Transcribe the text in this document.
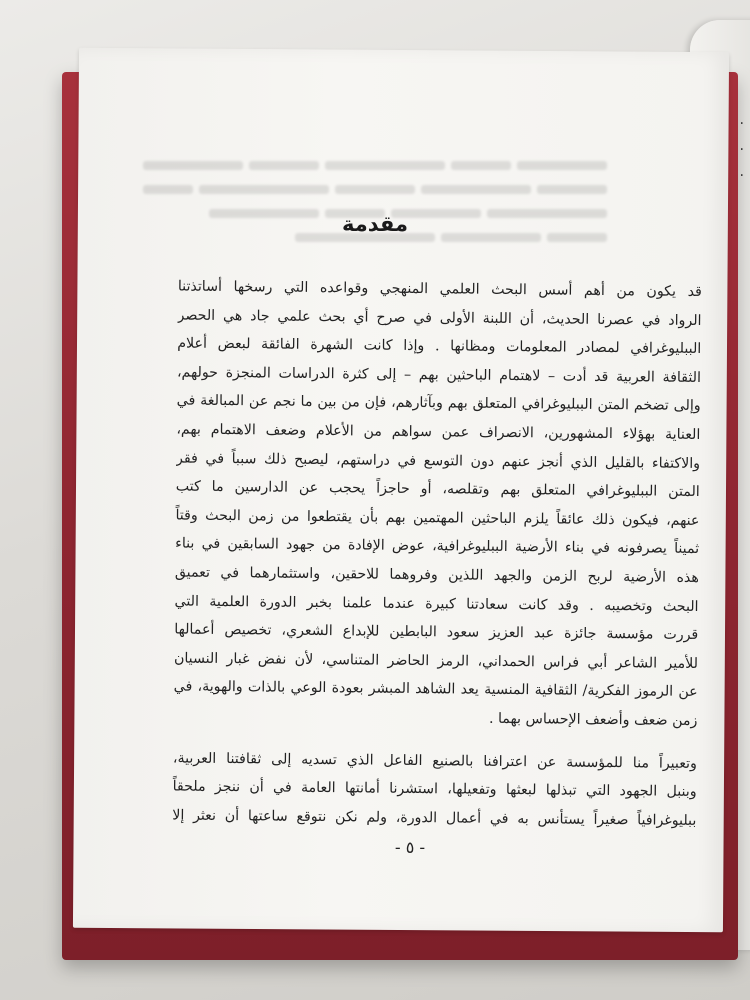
٠
٠
٠
مقدمة
قد يكون من أهم أسس البحث العلمي المنهجي وقواعده التي رسخها أساتذتنا
الرواد في عصرنا الحديث، أن اللبنة الأولى في صرح أي بحث علمي جاد هي الحصر
الببليوغرافي لمصادر المعلومات ومظانها . وإذا كانت الشهرة الفائقة لبعض أعلام
الثقافة العربية قد أدت – لاهتمام الباحثين بهم – إلى كثرة الدراسات المنجزة حولهم،
وإلى تضخم المتن الببليوغرافي المتعلق بهم وبآثارهم، فإن من بين ما نجم عن المبالغة في
العناية بهؤلاء المشهورين، الانصراف عمن سواهم من الأعلام وضعف الاهتمام بهم،
والاكتفاء بالقليل الذي أنجز عنهم دون التوسع في دراستهم، ليصبح ذلك سبباً في فقر
المتن الببليوغرافي المتعلق بهم وتقلصه، أو حاجزاً يحجب عن الدارسين ما كتب
عنهم، فيكون ذلك عائقاً يلزم الباحثين المهتمين بهم بأن يقتطعوا من زمن البحث وقتاً
ثميناً يصرفونه في بناء الأرضية الببليوغرافية، عوض الإفادة من جهود السابقين في بناء
هذه الأرضية لربح الزمن والجهد اللذين وفروهما للاحقين، واستثمارهما في تعميق
البحث وتخصيبه . وقد كانت سعادتنا كبيرة عندما علمنا بخبر الدورة العلمية التي
قررت مؤسسة جائزة عبد العزيز سعود البابطين للإبداع الشعري، تخصيص أعمالها
للأمير الشاعر أبي فراس الحمداني، الرمز الحاضر المتناسي، لأن نفض غبار النسيان
عن الرموز الفكرية/ الثقافية المنسية يعد الشاهد المبشر بعودة الوعي بالذات والهوية، في
زمن ضعف وأضعف الإحساس بهما .
وتعبيراً منا للمؤسسة عن اعترافنا بالصنيع الفاعل الذي تسديه إلى ثقافتنا العربية،
وبنبل الجهود التي تبذلها لبعثها وتفعيلها، استشرنا أمانتها العامة في أن ننجز ملحقاً
ببليوغرافياً صغيراً يستأنس به في أعمال الدورة، ولم نكن نتوقع ساعتها أن نعثر إلا
- ٥ -
